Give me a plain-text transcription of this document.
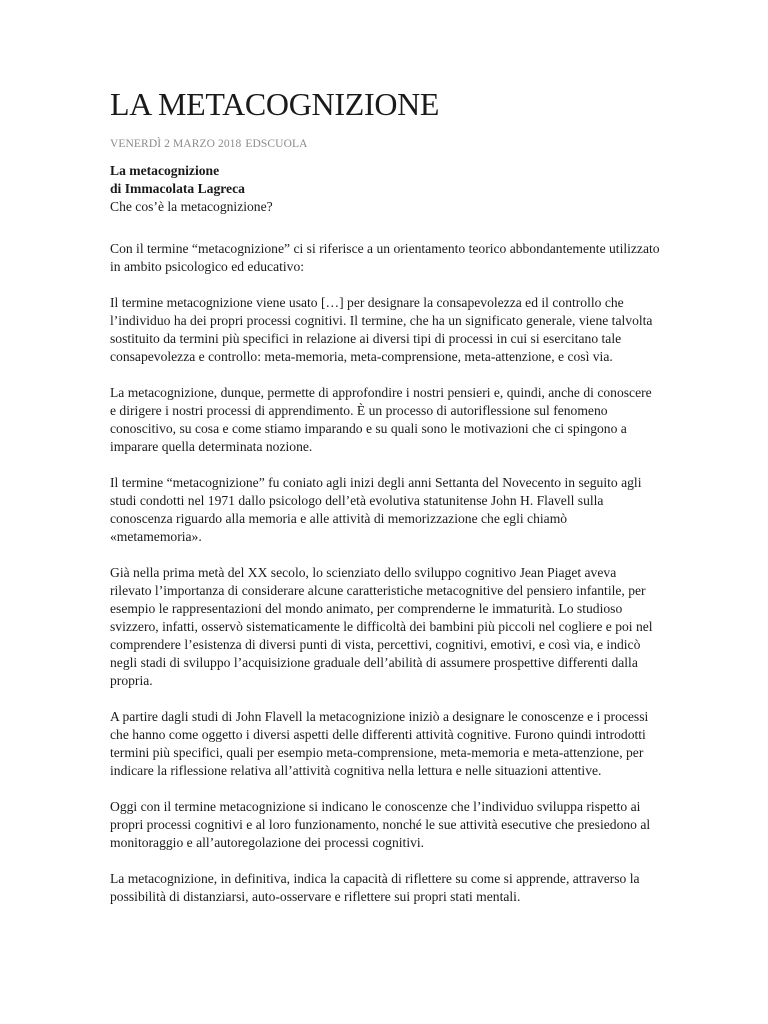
LA METACOGNIZIONE
VENERDÌ 2 MARZO 2018 EDSCUOLA

La metacognizione

di Immacolata Lagreca

Che cos’è la metacognizione?

Con il termine “metacognizione” ci si riferisce a un orientamento teorico abbondantemente utilizzato in ambito psicologico ed educativo:

Il termine metacognizione viene usato […] per designare la consapevolezza ed il controllo che l’individuo ha dei propri processi cognitivi. Il termine, che ha un significato generale, viene talvolta sostituito da termini più specifici in relazione ai diversi tipi di processi in cui si esercitano tale consapevolezza e controllo: meta-memoria, meta-comprensione, meta-attenzione, e così via.

La metacognizione, dunque, permette di approfondire i nostri pensieri e, quindi, anche di conoscere e dirigere i nostri processi di apprendimento. È un processo di autoriflessione sul fenomeno conoscitivo, su cosa e come stiamo imparando e su quali sono le motivazioni che ci spingono a imparare quella determinata nozione.

Il termine “metacognizione” fu coniato agli inizi degli anni Settanta del Novecento in seguito agli studi condotti nel 1971 dallo psicologo dell’età evolutiva statunitense John H. Flavell sulla conoscenza riguardo alla memoria e alle attività di memorizzazione che egli chiamò «metamemoria».

Già nella prima metà del XX secolo, lo scienziato dello sviluppo cognitivo Jean Piaget aveva rilevato l’importanza di considerare alcune caratteristiche metacognitive del pensiero infantile, per esempio le rappresentazioni del mondo animato, per comprenderne le immaturità. Lo studioso svizzero, infatti, osservò sistematicamente le difficoltà dei bambini più piccoli nel cogliere e poi nel comprendere l’esistenza di diversi punti di vista, percettivi, cognitivi, emotivi, e così via, e indicò negli stadi di sviluppo l’acquisizione graduale dell’abilità di assumere prospettive differenti dalla propria.

A partire dagli studi di John Flavell la metacognizione iniziò a designare le conoscenze e i processi che hanno come oggetto i diversi aspetti delle differenti attività cognitive. Furono quindi introdotti termini più specifici, quali per esempio meta-comprensione, meta-memoria e meta-attenzione, per indicare la riflessione relativa all’attività cognitiva nella lettura e nelle situazioni attentive.

Oggi con il termine metacognizione si indicano le conoscenze che l’individuo sviluppa rispetto ai propri processi cognitivi e al loro funzionamento, nonché le sue attività esecutive che presiedono al monitoraggio e all’autoregolazione dei processi cognitivi.

La metacognizione, in definitiva, indica la capacità di riflettere su come si apprende, attraverso la possibilità di distanziarsi, auto-osservare e riflettere sui propri stati mentali.
